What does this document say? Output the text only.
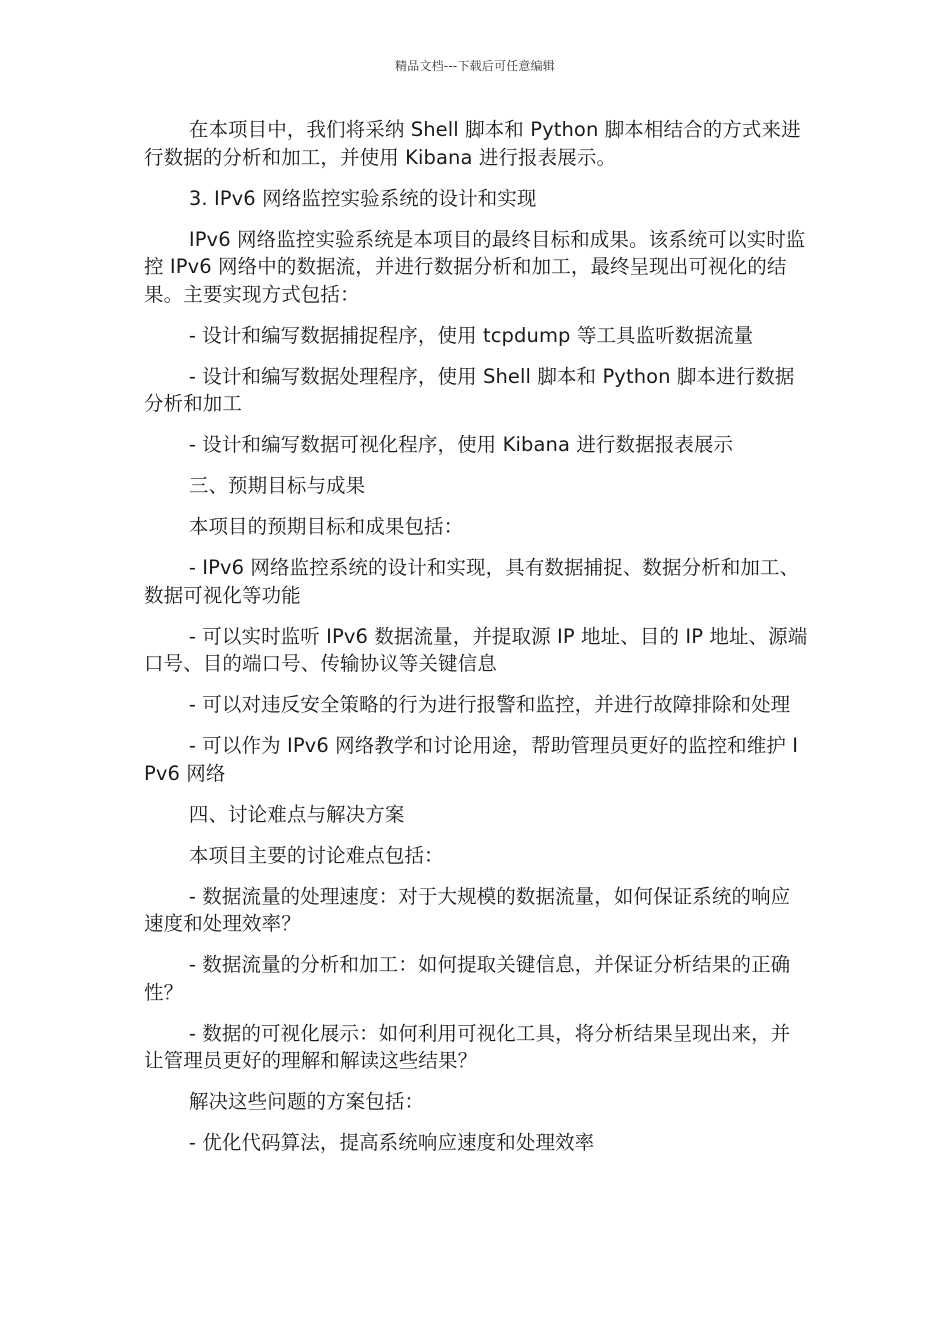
精品文档---下载后可任意编辑

在本项目中，我们将采纳 Shell 脚本和 Python 脚本相结合的方式来进行数据的分析和加工，并使用 Kibana 进行报表展示。

3. IPv6 网络监控实验系统的设计和实现

IPv6 网络监控实验系统是本项目的最终目标和成果。该系统可以实时监控 IPv6 网络中的数据流，并进行数据分析和加工，最终呈现出可视化的结果。主要实现方式包括：

- 设计和编写数据捕捉程序，使用 tcpdump 等工具监听数据流量

- 设计和编写数据处理程序，使用 Shell 脚本和 Python 脚本进行数据分析和加工

- 设计和编写数据可视化程序，使用 Kibana 进行数据报表展示

三、预期目标与成果

本项目的预期目标和成果包括：

- IPv6 网络监控系统的设计和实现，具有数据捕捉、数据分析和加工、数据可视化等功能

- 可以实时监听 IPv6 数据流量，并提取源 IP 地址、目的 IP 地址、源端口号、目的端口号、传输协议等关键信息

- 可以对违反安全策略的行为进行报警和监控，并进行故障排除和处理

- 可以作为 IPv6 网络教学和讨论用途，帮助管理员更好的监控和维护 IPv6 网络

四、讨论难点与解决方案

本项目主要的讨论难点包括：

- 数据流量的处理速度：对于大规模的数据流量，如何保证系统的响应速度和处理效率？

- 数据流量的分析和加工：如何提取关键信息，并保证分析结果的正确性？

- 数据的可视化展示：如何利用可视化工具，将分析结果呈现出来，并让管理员更好的理解和解读这些结果？

解决这些问题的方案包括：

- 优化代码算法，提高系统响应速度和处理效率
